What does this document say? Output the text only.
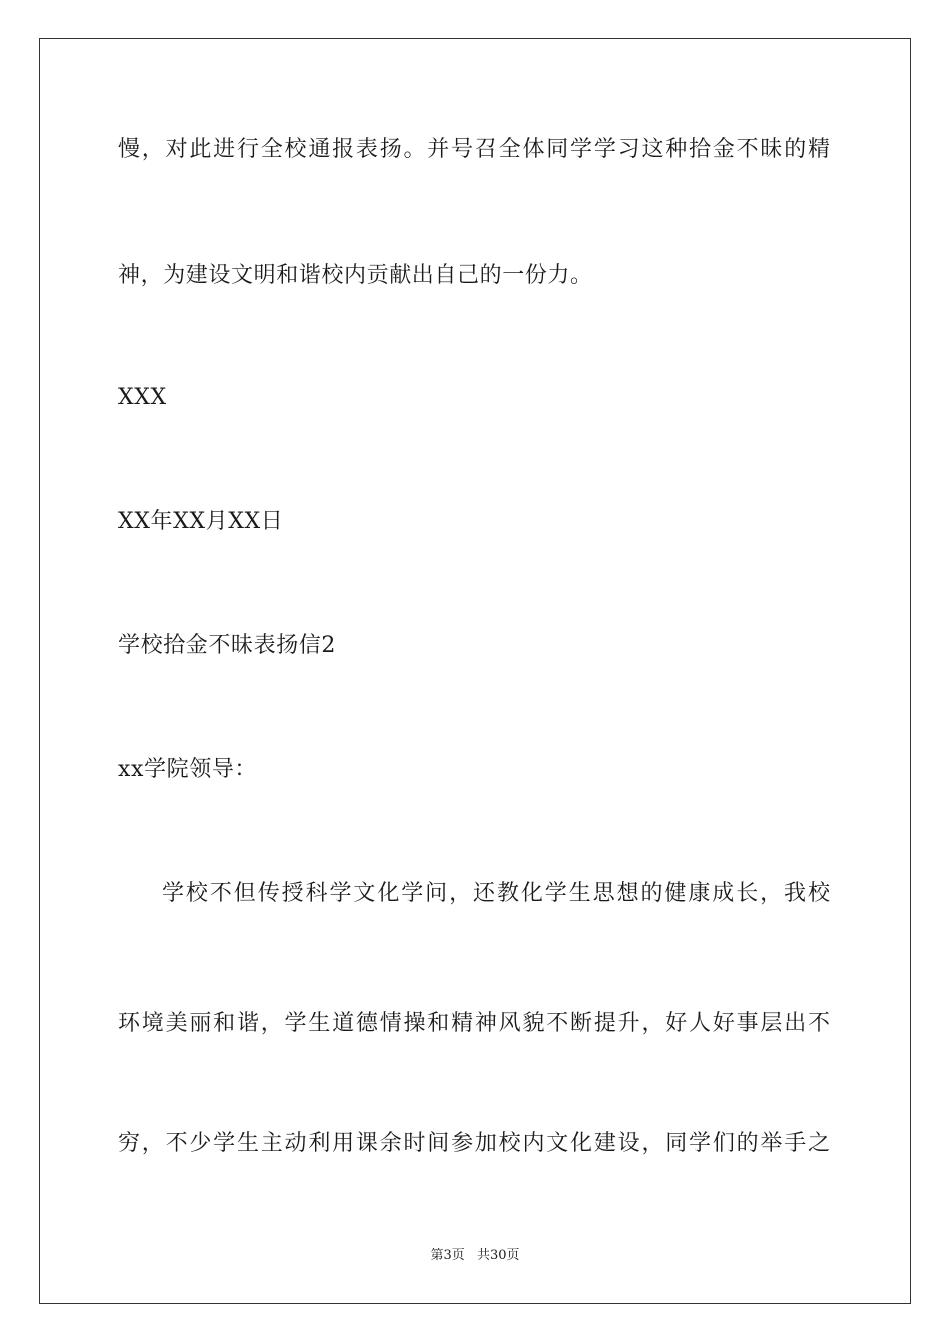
慢，对此进行全校通报表扬。并号召全体同学学习这种拾金不昧的精
神，为建设文明和谐校内贡献出自己的一份力。
XXX
XX年XX月XX日
学校拾金不昧表扬信2
xx学院领导：
学校不但传授科学文化学问，还教化学生思想的健康成长，我校
环境美丽和谐，学生道德情操和精神风貌不断提升，好人好事层出不
穷，不少学生主动利用课余时间参加校内文化建设，同学们的举手之
第3页 共30页
